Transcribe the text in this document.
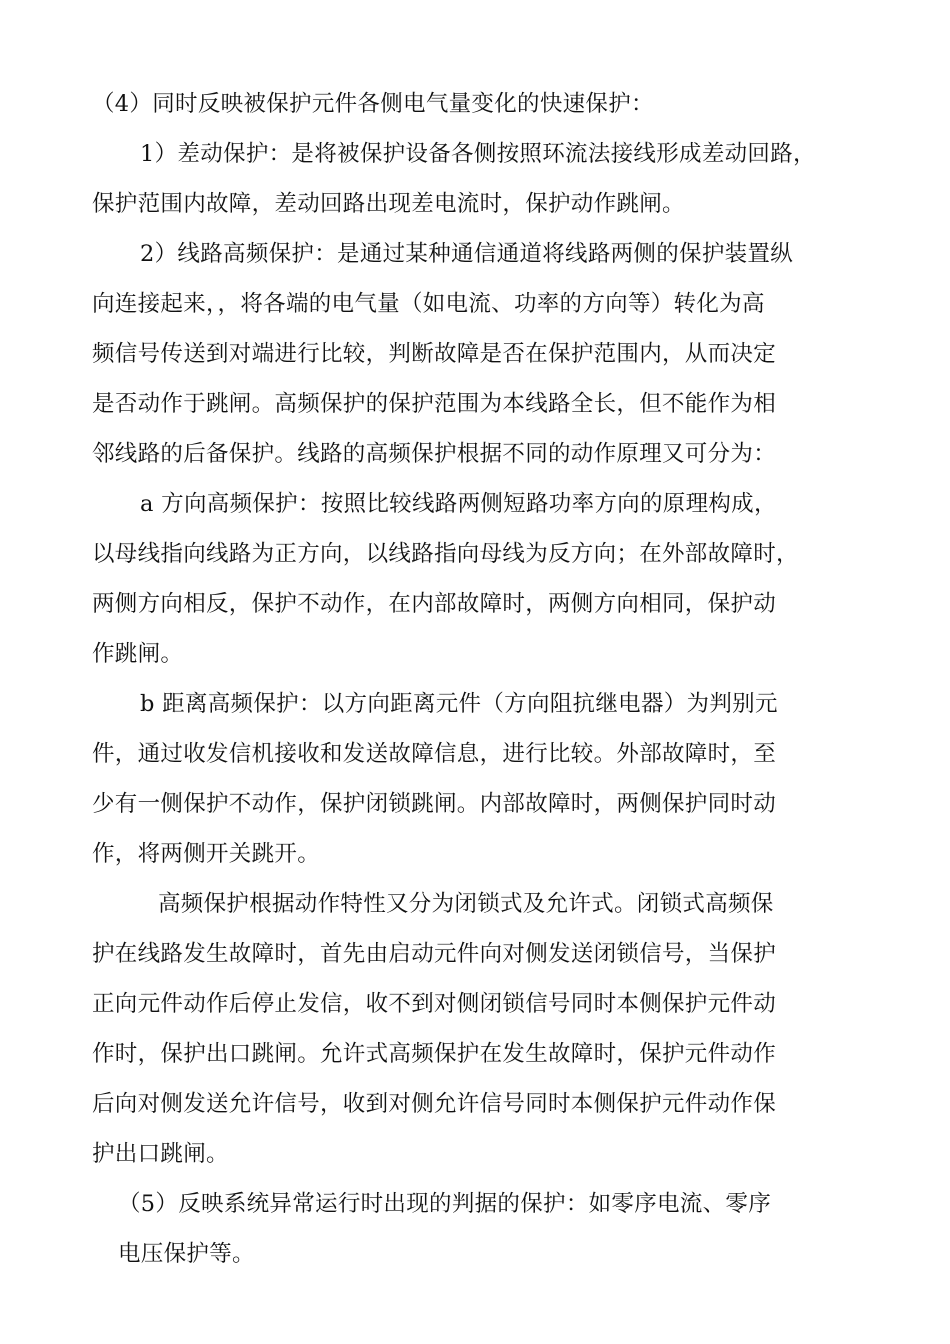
（4）同时反映被保护元件各侧电气量变化的快速保护：
1）差动保护：是将被保护设备各侧按照环流法接线形成差动回路，
保护范围内故障，差动回路出现差电流时，保护动作跳闸。
2）线路高频保护：是通过某种通信通道将线路两侧的保护装置纵
向连接起来，，将各端的电气量（如电流、功率的方向等）转化为高
频信号传送到对端进行比较，判断故障是否在保护范围内，从而决定
是否动作于跳闸。高频保护的保护范围为本线路全长，但不能作为相
邻线路的后备保护。线路的高频保护根据不同的动作原理又可分为：
a 方向高频保护：按照比较线路两侧短路功率方向的原理构成，
以母线指向线路为正方向，以线路指向母线为反方向；在外部故障时，
两侧方向相反，保护不动作，在内部故障时，两侧方向相同，保护动
作跳闸。
b 距离高频保护：以方向距离元件（方向阻抗继电器）为判别元
件，通过收发信机接收和发送故障信息，进行比较。外部故障时，至
少有一侧保护不动作，保护闭锁跳闸。内部故障时，两侧保护同时动
作，将两侧开关跳开。
高频保护根据动作特性又分为闭锁式及允许式。闭锁式高频保
护在线路发生故障时，首先由启动元件向对侧发送闭锁信号，当保护
正向元件动作后停止发信，收不到对侧闭锁信号同时本侧保护元件动
作时，保护出口跳闸。允许式高频保护在发生故障时，保护元件动作
后向对侧发送允许信号，收到对侧允许信号同时本侧保护元件动作保
护出口跳闸。
（5）反映系统异常运行时出现的判据的保护：如零序电流、零序
电压保护等。
